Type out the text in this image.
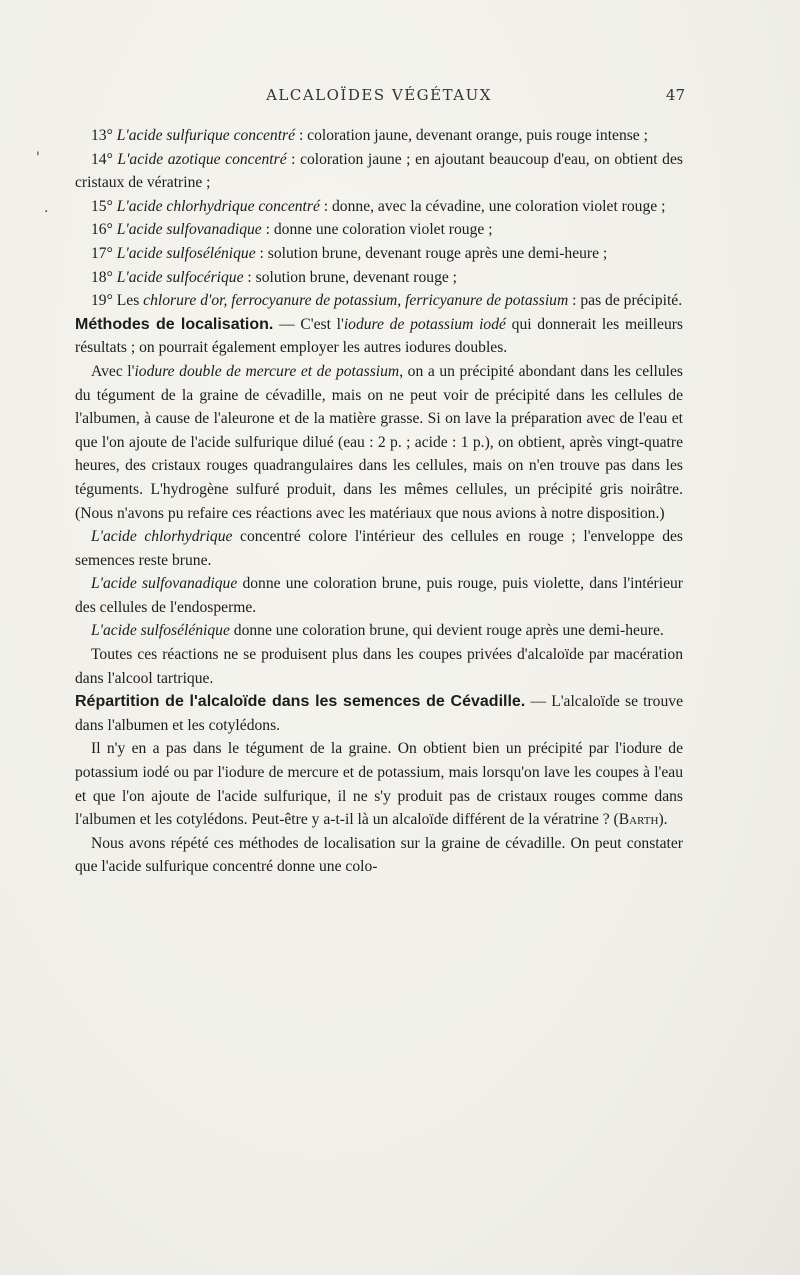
ALCALOÏDES VÉGÉTAUX	47
'
.

13° L'acide sulfurique concentré : coloration jaune, devenant orange, puis rouge intense ;

14° L'acide azotique concentré : coloration jaune ; en ajoutant beaucoup d'eau, on obtient des cristaux de vératrine ;

15° L'acide chlorhydrique concentré : donne, avec la cévadine, une coloration violet rouge ;

16° L'acide sulfovanadique : donne une coloration violet rouge ;

17° L'acide sulfosélénique : solution brune, devenant rouge après une demi-heure ;

18° L'acide sulfocérique : solution brune, devenant rouge ;

19° Les chlorure d'or, ferrocyanure de potassium, ferricyanure de potassium : pas de précipité.

Méthodes de localisation. — C'est l'iodure de potassium iodé qui donnerait les meilleurs résultats ; on pourrait également employer les autres iodures doubles.

Avec l'iodure double de mercure et de potassium, on a un précipité abondant dans les cellules du tégument de la graine de cévadille, mais on ne peut voir de précipité dans les cellules de l'albumen, à cause de l'aleurone et de la matière grasse. Si on lave la préparation avec de l'eau et que l'on ajoute de l'acide sulfurique dilué (eau : 2 p. ; acide : 1 p.), on obtient, après vingt-quatre heures, des cristaux rouges quadrangulaires dans les cellules, mais on n'en trouve pas dans les téguments. L'hydrogène sulfuré produit, dans les mêmes cellules, un précipité gris noirâtre. (Nous n'avons pu refaire ces réactions avec les matériaux que nous avions à notre disposition.)

L'acide chlorhydrique concentré colore l'intérieur des cellules en rouge ; l'enveloppe des semences reste brune.

L'acide sulfovanadique donne une coloration brune, puis rouge, puis violette, dans l'intérieur des cellules de l'endosperme.

L'acide sulfosélénique donne une coloration brune, qui devient rouge après une demi-heure.

Toutes ces réactions ne se produisent plus dans les coupes privées d'alcaloïde par macération dans l'alcool tartrique.

Répartition de l'alcaloïde dans les semences de Cévadille. — L'alcaloïde se trouve dans l'albumen et les cotylédons.

Il n'y en a pas dans le tégument de la graine. On obtient bien un précipité par l'iodure de potassium iodé ou par l'iodure de mercure et de potassium, mais lorsqu'on lave les coupes à l'eau et que l'on ajoute de l'acide sulfurique, il ne s'y produit pas de cristaux rouges comme dans l'albumen et les cotylédons. Peut-être y a-t-il là un alcaloïde différent de la vératrine ? (Barth).

Nous avons répété ces méthodes de localisation sur la graine de cévadille. On peut constater que l'acide sulfurique concentré donne une colo-
